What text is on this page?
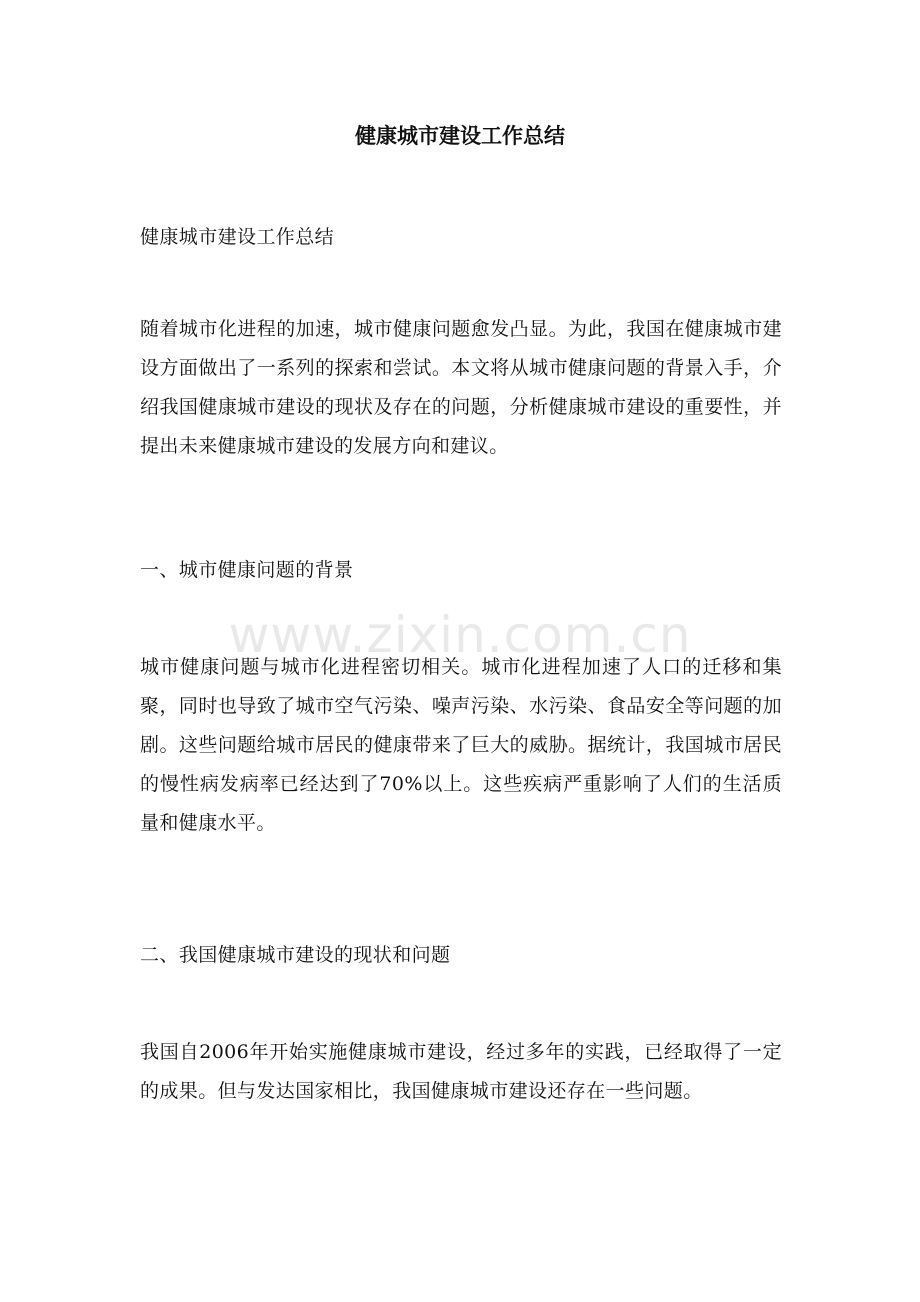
健康城市建设工作总结

健康城市建设工作总结

随着城市化进程的加速，城市健康问题愈发凸显。为此，我国在健康城市建设方面做出了一系列的探索和尝试。本文将从城市健康问题的背景入手，介绍我国健康城市建设的现状及存在的问题，分析健康城市建设的重要性，并提出未来健康城市建设的发展方向和建议。

一、城市健康问题的背景

城市健康问题与城市化进程密切相关。城市化进程加速了人口的迁移和集聚，同时也导致了城市空气污染、噪声污染、水污染、食品安全等问题的加剧。这些问题给城市居民的健康带来了巨大的威胁。据统计，我国城市居民的慢性病发病率已经达到了70%以上。这些疾病严重影响了人们的生活质量和健康水平。

二、我国健康城市建设的现状和问题

我国自2006年开始实施健康城市建设，经过多年的实践，已经取得了一定的成果。但与发达国家相比，我国健康城市建设还存在一些问题。

www.zixin.com.cn
